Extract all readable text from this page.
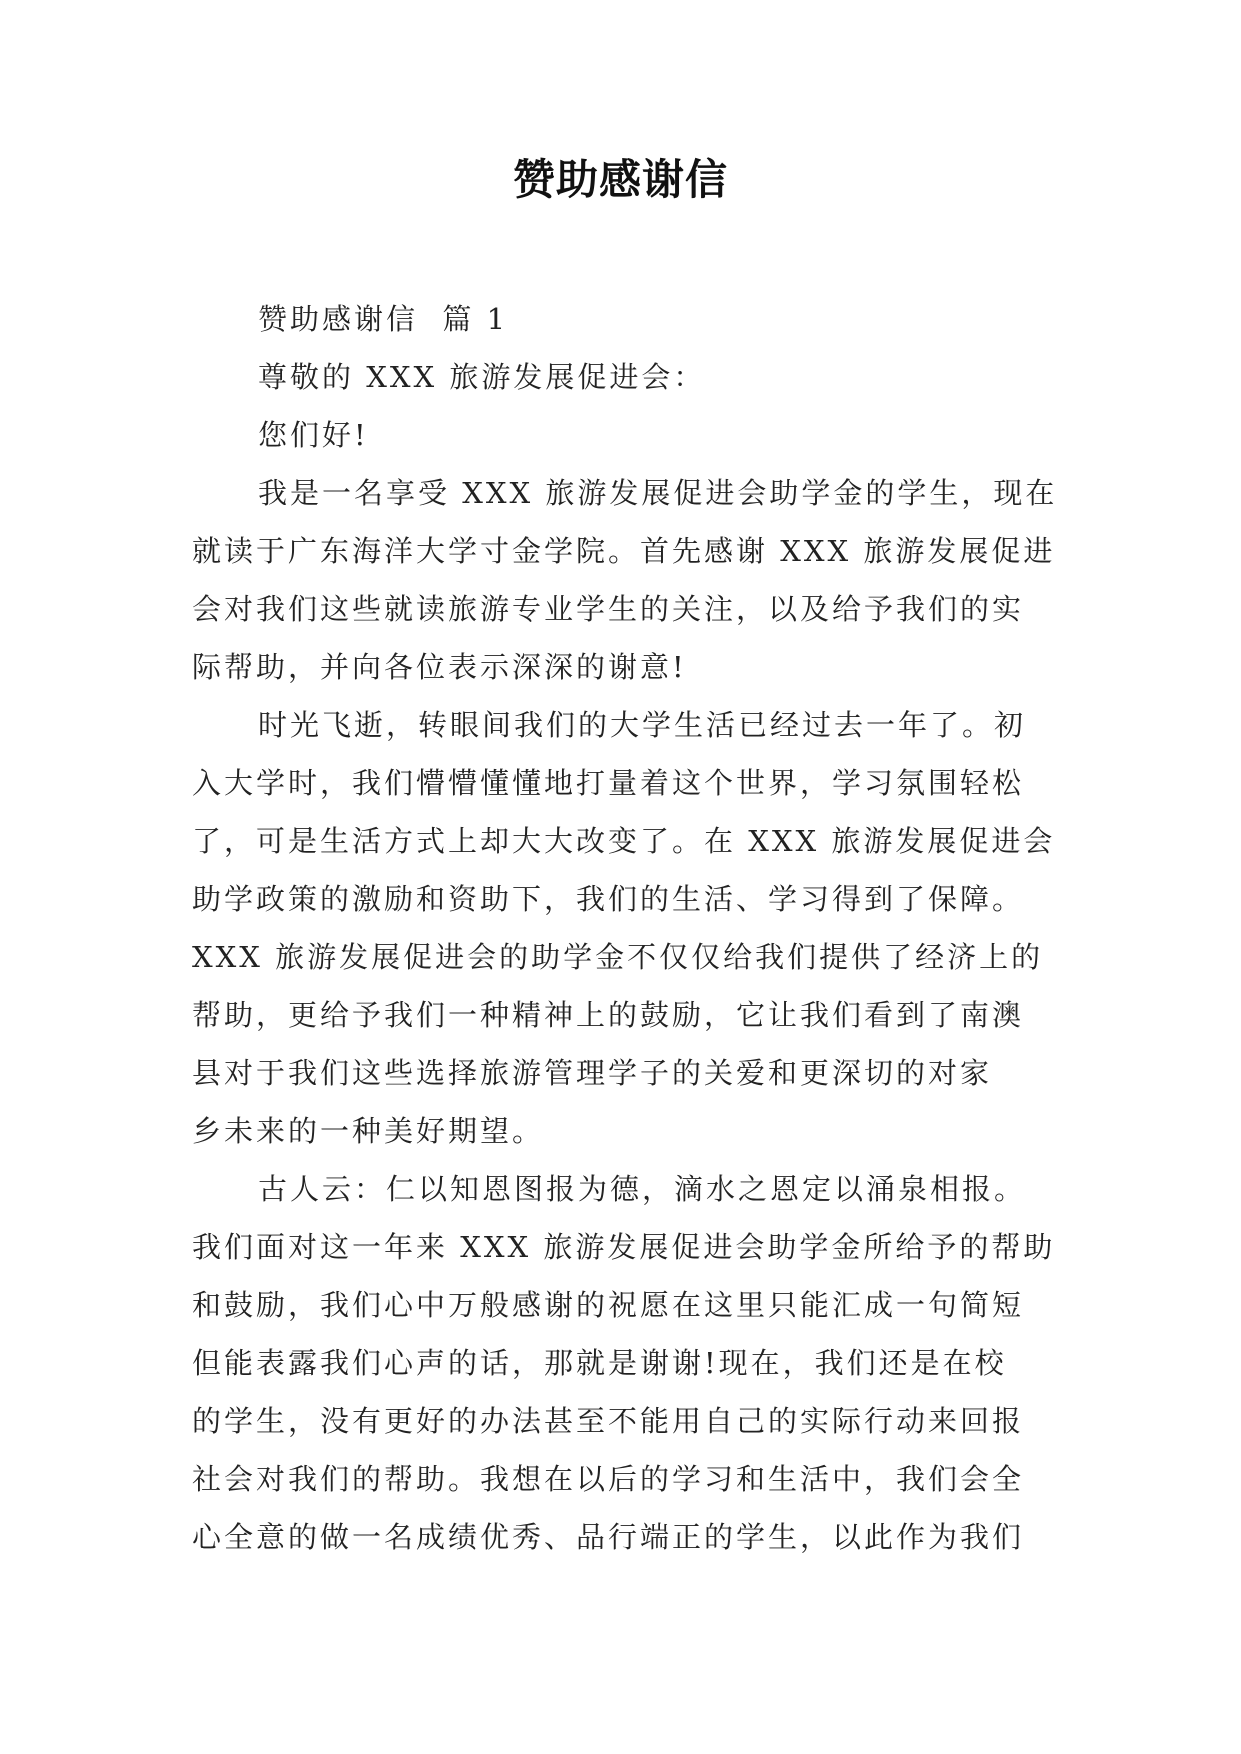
赞助感谢信
赞助感谢信  篇 1
尊敬的 XXX 旅游发展促进会：
您们好!
我是一名享受 XXX 旅游发展促进会助学金的学生，现在
就读于广东海洋大学寸金学院。首先感谢 XXX 旅游发展促进
会对我们这些就读旅游专业学生的关注，以及给予我们的实
际帮助，并向各位表示深深的谢意!
时光飞逝，转眼间我们的大学生活已经过去一年了。初
入大学时，我们懵懵懂懂地打量着这个世界，学习氛围轻松
了，可是生活方式上却大大改变了。在 XXX 旅游发展促进会
助学政策的激励和资助下，我们的生活、学习得到了保障。
XXX 旅游发展促进会的助学金不仅仅给我们提供了经济上的
帮助，更给予我们一种精神上的鼓励，它让我们看到了南澳
县对于我们这些选择旅游管理学子的关爱和更深切的对家
乡未来的一种美好期望。
古人云：仁以知恩图报为德，滴水之恩定以涌泉相报。
我们面对这一年来 XXX 旅游发展促进会助学金所给予的帮助
和鼓励，我们心中万般感谢的祝愿在这里只能汇成一句简短
但能表露我们心声的话，那就是谢谢!现在，我们还是在校
的学生，没有更好的办法甚至不能用自己的实际行动来回报
社会对我们的帮助。我想在以后的学习和生活中，我们会全
心全意的做一名成绩优秀、品行端正的学生，以此作为我们
